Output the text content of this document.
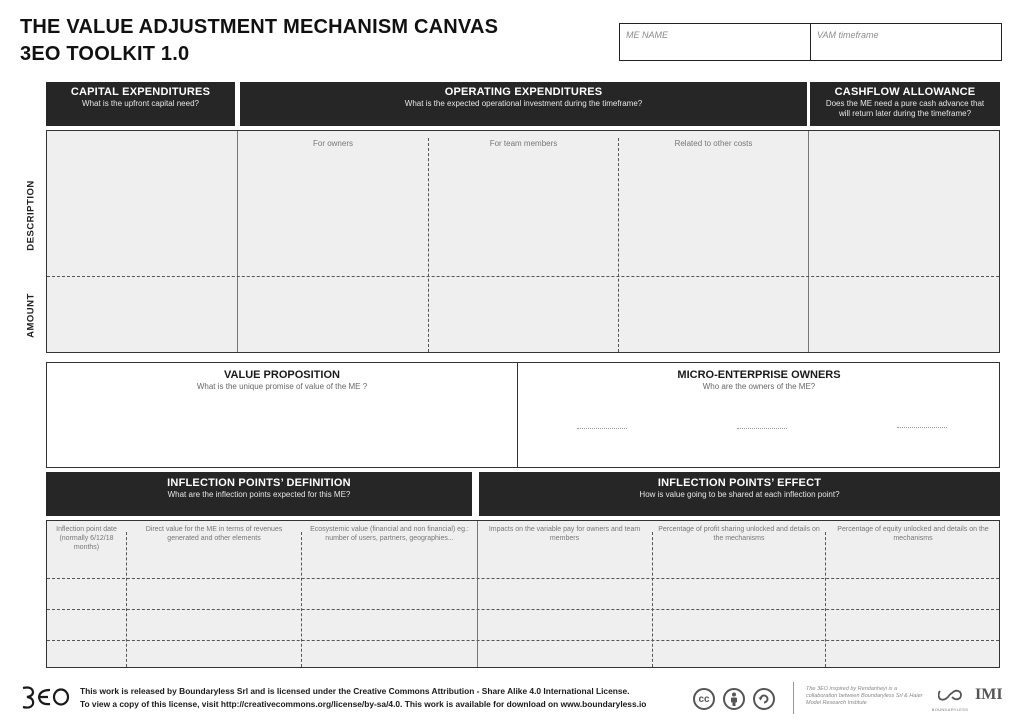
THE VALUE ADJUSTMENT MECHANISM CANVAS
3EO TOOLKIT 1.0
ME NAME	VAM timeframe
CAPITAL EXPENDITURES
What is the upfront capital need?
OPERATING EXPENDITURES
What is the expected operational investment during the timeframe?
CASHFLOW ALLOWANCE
Does the ME need a pure cash advance that
will return later during the timeframe?
For owners	For team members	Related to other costs
DESCRIPTION
AMOUNT
VALUE PROPOSITION
What is the unique promise of value of the ME ?
MICRO-ENTERPRISE OWNERS
Who are the owners of the ME?
INFLECTION POINTS’ DEFINITION
What are the inflection points expected for this ME?
INFLECTION POINTS’ EFFECT
How is value going to be shared at each inflection point?
Inflection point date (normally 6/12/18 months)
Direct value for the ME in terms of revenues generated and other elements
Ecosystemic value (financial and non financial) eg.: number of users, partners, geographies...
Impacts on the variable pay for owners and team members
Percentage of profit sharing unlocked and details on the mechanisms
Percentage of equity unlocked and details on the mechanisms
3EO
This work is released by Boundaryless Srl and is licensed under the Creative Commons Attribution - Share Alike 4.0 International License.
To view a copy of this license, visit http://creativecommons.org/license/by-sa/4.0. This work is available for download on www.boundaryless.io	cc
The 3EO inspired by Rendanheyi is a collaboration between Boundaryless Srl & Haier Model Research Institute
BOUNDARYLESS
IMI
